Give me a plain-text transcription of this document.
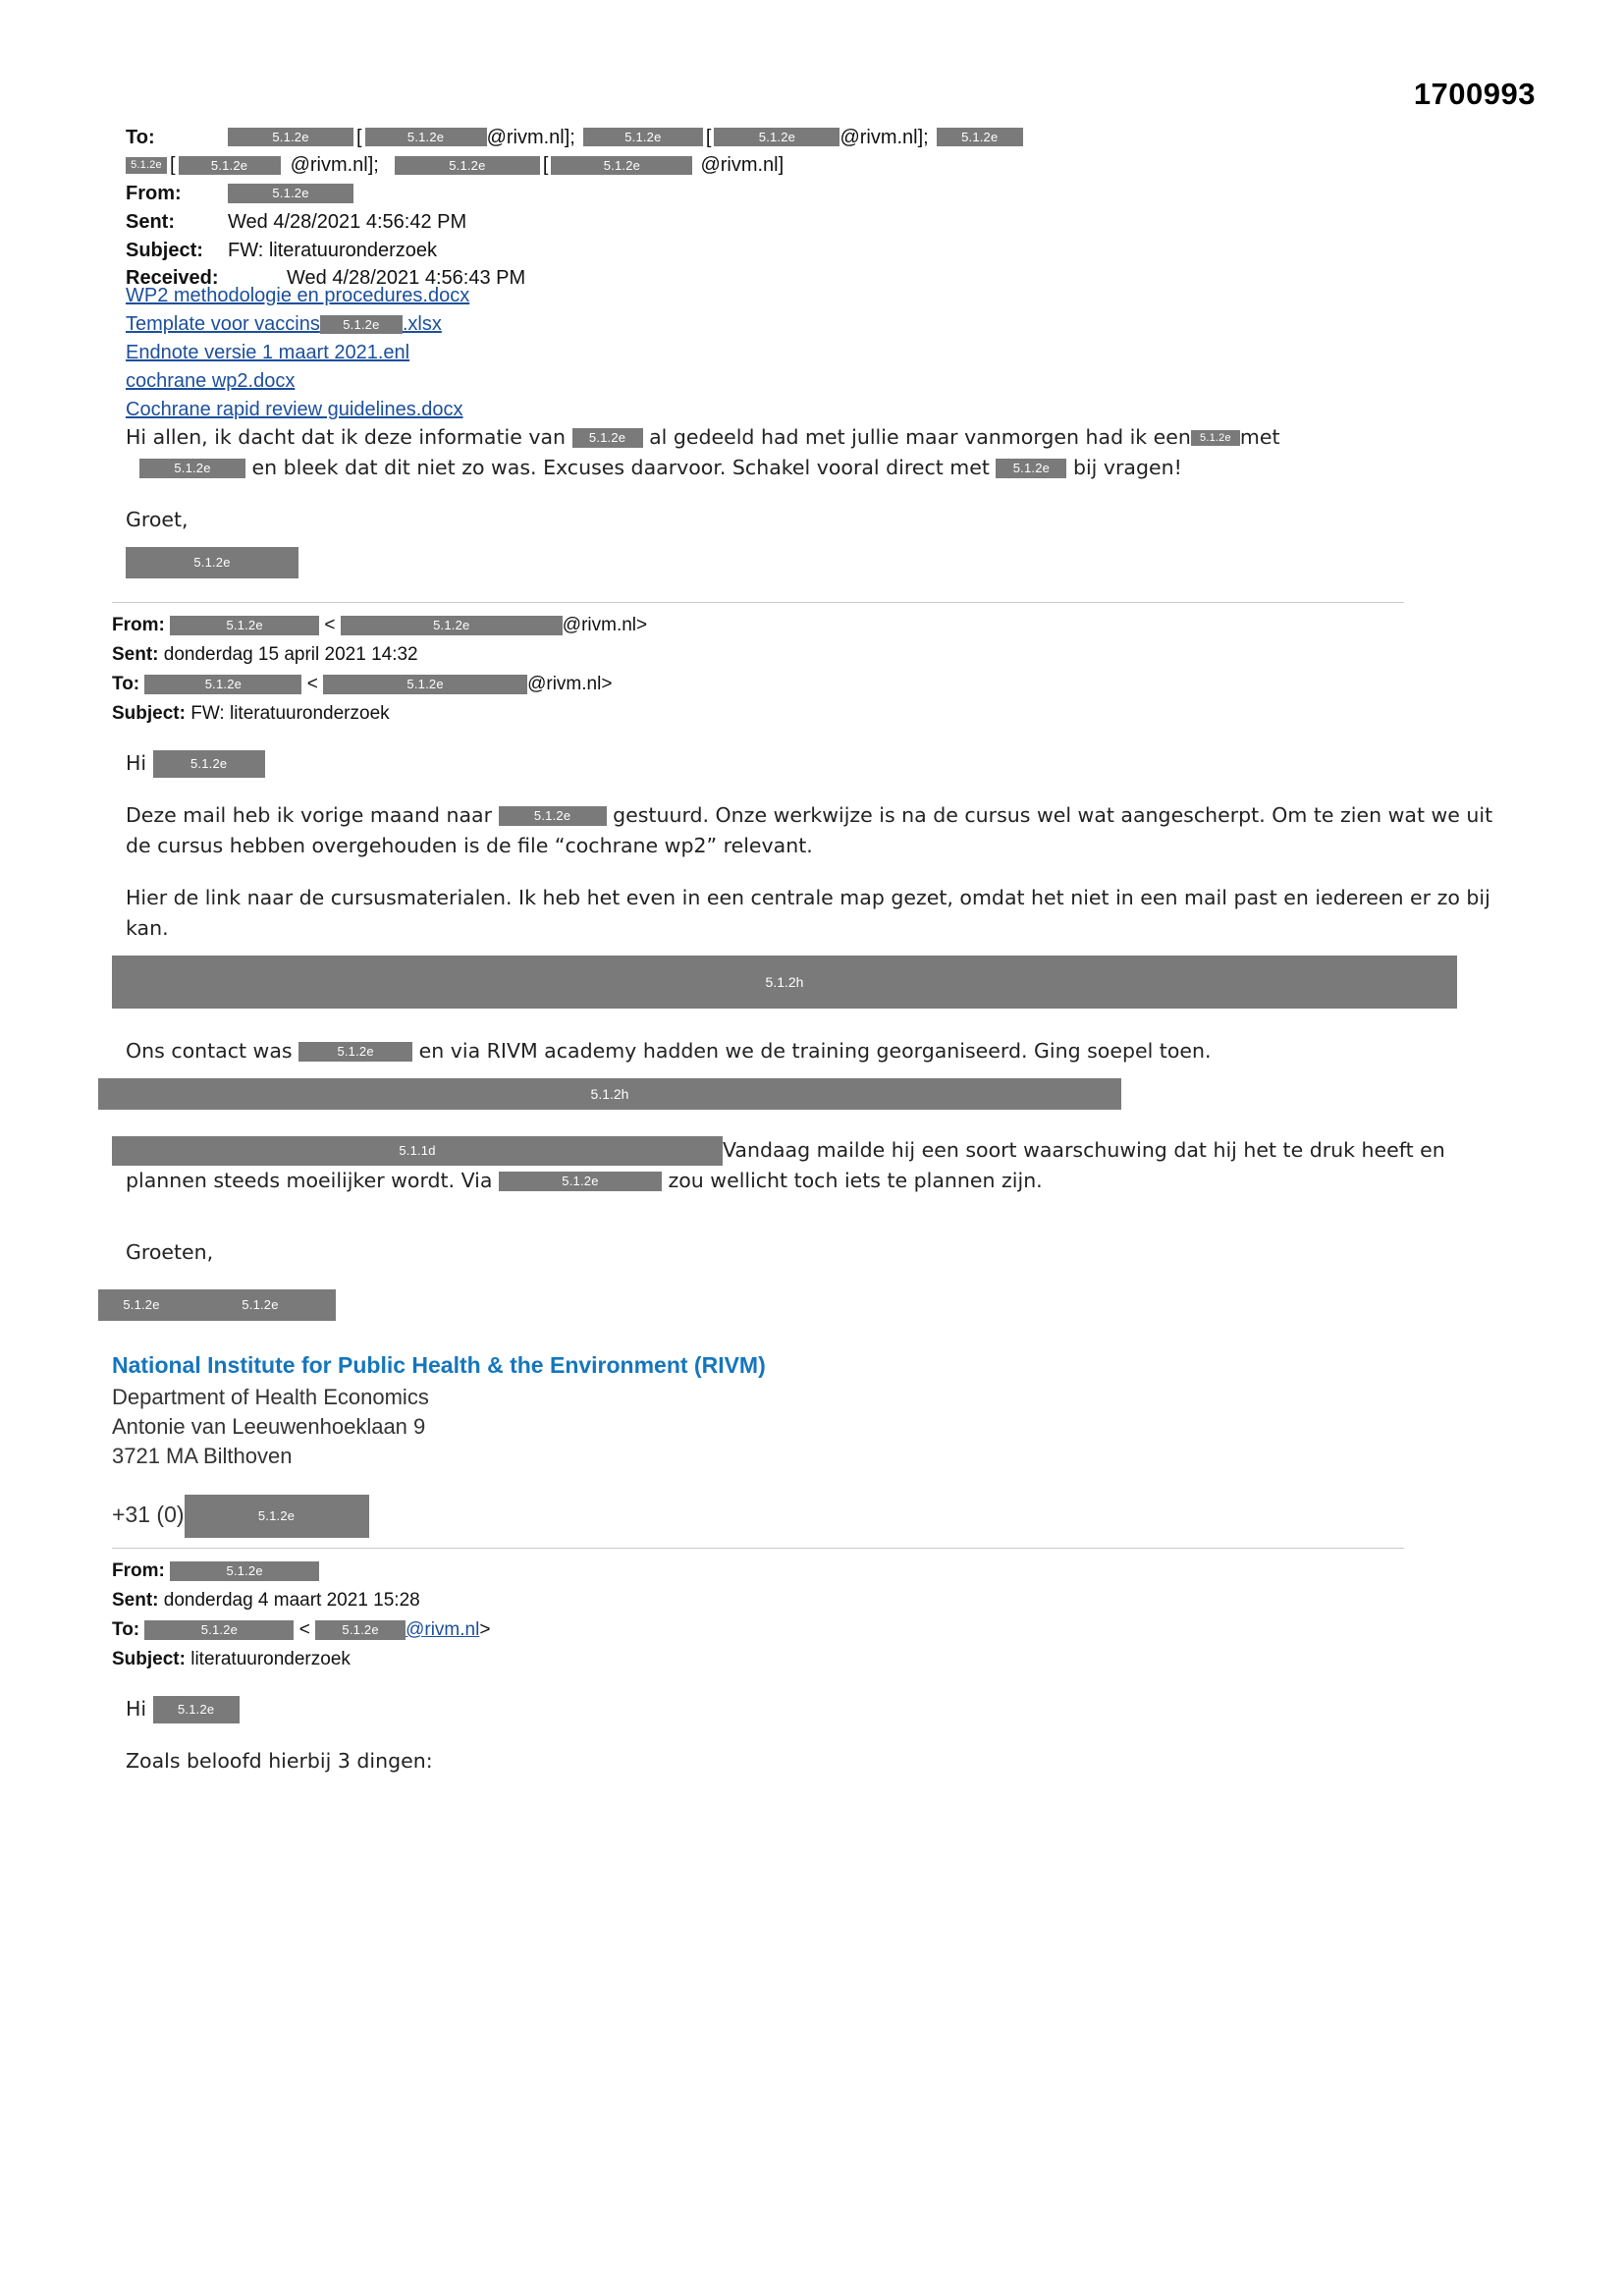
1700993
To:	5.1.2e [	5.1.2e @rivm.nl];	5.1.2e [	5.1.2e @rivm.nl];	5.1.2e
5.1.2e [	5.1.2e @rivm.nl];	5.1.2e	[	5.1.2e	@rivm.nl]
From:	5.1.2e
Sent:	Wed 4/28/2021 4:56:42 PM
Subject: FW: literatuuronderzoek
Received:	Wed 4/28/2021 4:56:43 PM
WP2 methodologie en procedures.docx
Template voor vaccins 5.1.2e .xlsx
Endnote versie 1 maart 2021.enl
cochrane wp2.docx
Cochrane rapid review guidelines.docx
Hi allen, ik dacht dat ik deze informatie van 5.1.2e al gedeeld had met jullie maar vanmorgen had ik een 5.1.2e met
5.1.2e en bleek dat dit niet zo was. Excuses daarvoor. Schakel vooral direct met 5.1.2e bij vragen!
Groet,
5.1.2e
From:	5.1.2e	<	5.1.2e	@rivm.nl>
Sent: donderdag 15 april 2021 14:32
To:	5.1.2e	<	5.1.2e	@rivm.nl>
Subject: FW: literatuuronderzoek
Hi	5.1.2e
Deze mail heb ik vorige maand naar	5.1.2e gestuurd. Onze werkwijze is na de cursus wel wat aangescherpt. Om te zien wat we uit de cursus hebben overgehouden is de file “cochrane wp2” relevant.
Hier de link naar de cursusmaterialen. Ik heb het even in een centrale map gezet, omdat het niet in een mail past en iedereen er zo bij kan.
5.1.2h
Ons contact was	5.1.2e en via RIVM academy hadden we de training georganiseerd. Ging soepel toen.
5.1.2h
5.1.1d	Vandaag mailde hij een soort waarschuwing dat hij het te druk heeft en plannen steeds moeilijker wordt. Via	5.1.2e	zou wellicht toch iets te plannen zijn.
Groeten,
5.1.2e	5.1.2e
National Institute for Public Health & the Environment (RIVM)
Department of Health Economics
Antonie van Leeuwenhoeklaan 9
3721 MA Bilthoven
+31 (0)	5.1.2e
From:	5.1.2e
Sent: donderdag 4 maart 2021 15:28
To:	5.1.2e	<	5.1.2e @rivm.nl>
Subject: literatuuronderzoek
Hi 5.1.2e
Zoals beloofd hierbij 3 dingen:
